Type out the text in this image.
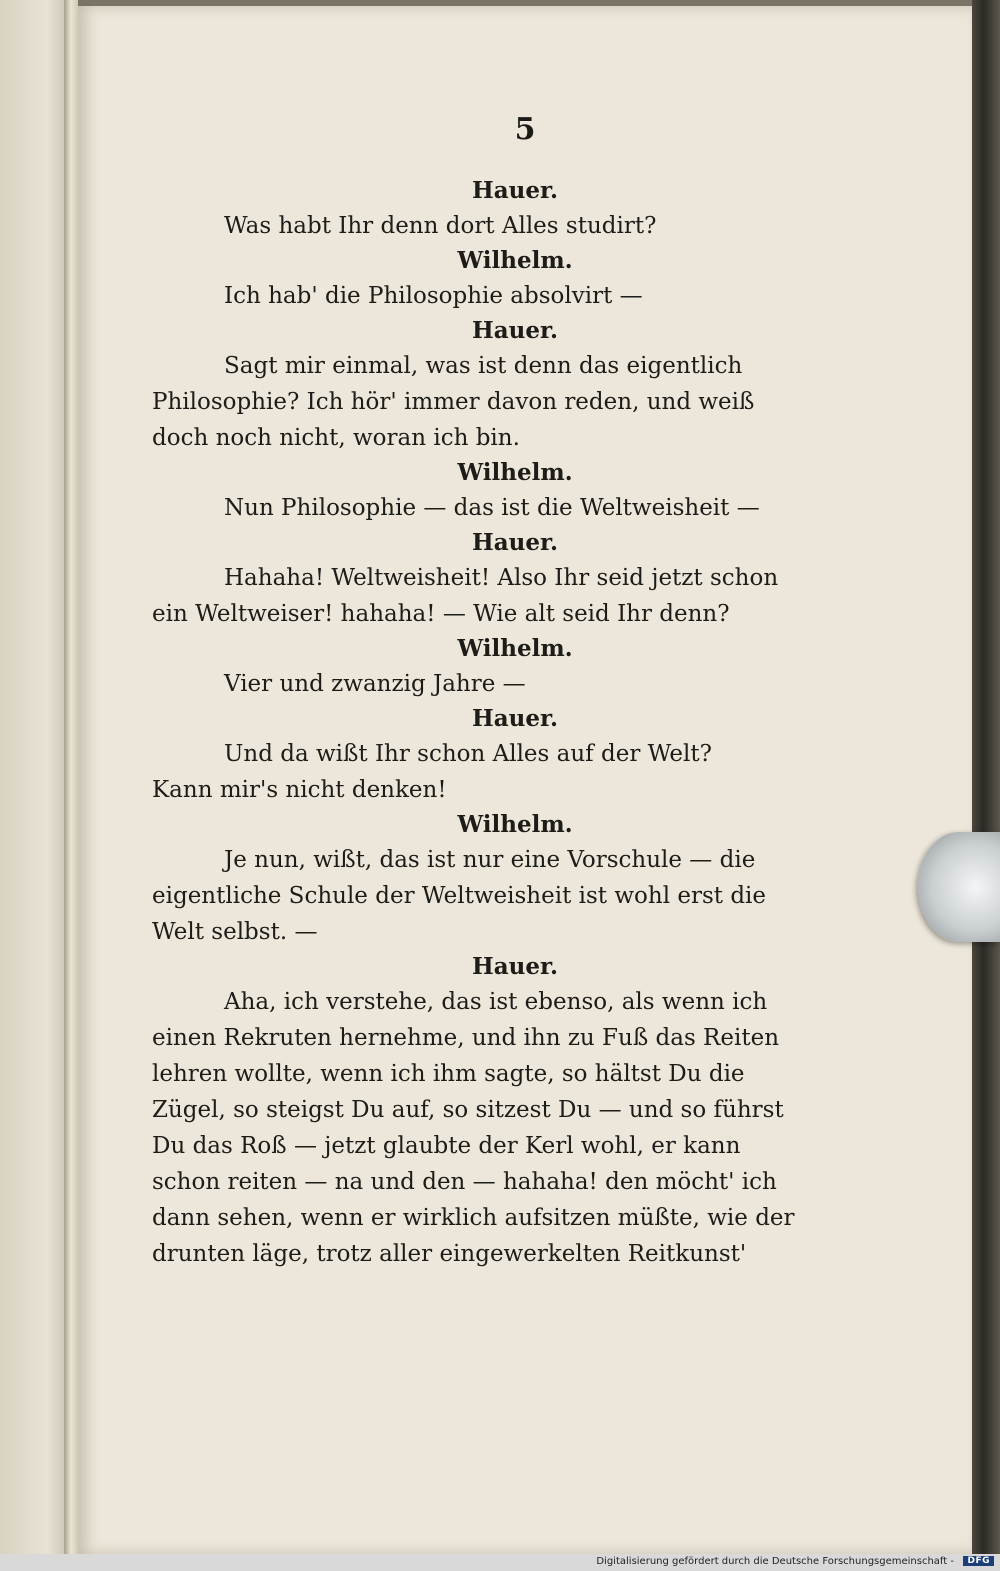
5
Hauer.
Was habt Ihr denn dort Alles studirt?
Wilhelm.
Ich hab' die Philosophie absolvirt —
Hauer.
Sagt mir einmal, was ist denn das eigentlich
Philosophie? Ich hör' immer davon reden, und weiß
doch noch nicht, woran ich bin.
Wilhelm.
Nun Philosophie — das ist die Weltweisheit —
Hauer.
Hahaha! Weltweisheit! Also Ihr seid jetzt schon
ein Weltweiser! hahaha! — Wie alt seid Ihr denn?
Wilhelm.
Vier und zwanzig Jahre —
Hauer.
Und da wißt Ihr schon Alles auf der Welt?
Kann mir's nicht denken!
Wilhelm.
Je nun, wißt, das ist nur eine Vorschule — die
eigentliche Schule der Weltweisheit ist wohl erst die
Welt selbst. —
Hauer.
Aha, ich verstehe, das ist ebenso, als wenn ich
einen Rekruten hernehme, und ihn zu Fuß das Reiten
lehren wollte, wenn ich ihm sagte, so hältst Du die
Zügel, so steigst Du auf, so sitzest Du — und so führst
Du das Roß — jetzt glaubte der Kerl wohl, er kann
schon reiten — na und den — hahaha! den möcht' ich
dann sehen, wenn er wirklich aufsitzen müßte, wie der
drunten läge, trotz aller eingewerkelten Reitkunst'
Digitalisierung gefördert durch die Deutsche Forschungsgemeinschaft -	DFG
